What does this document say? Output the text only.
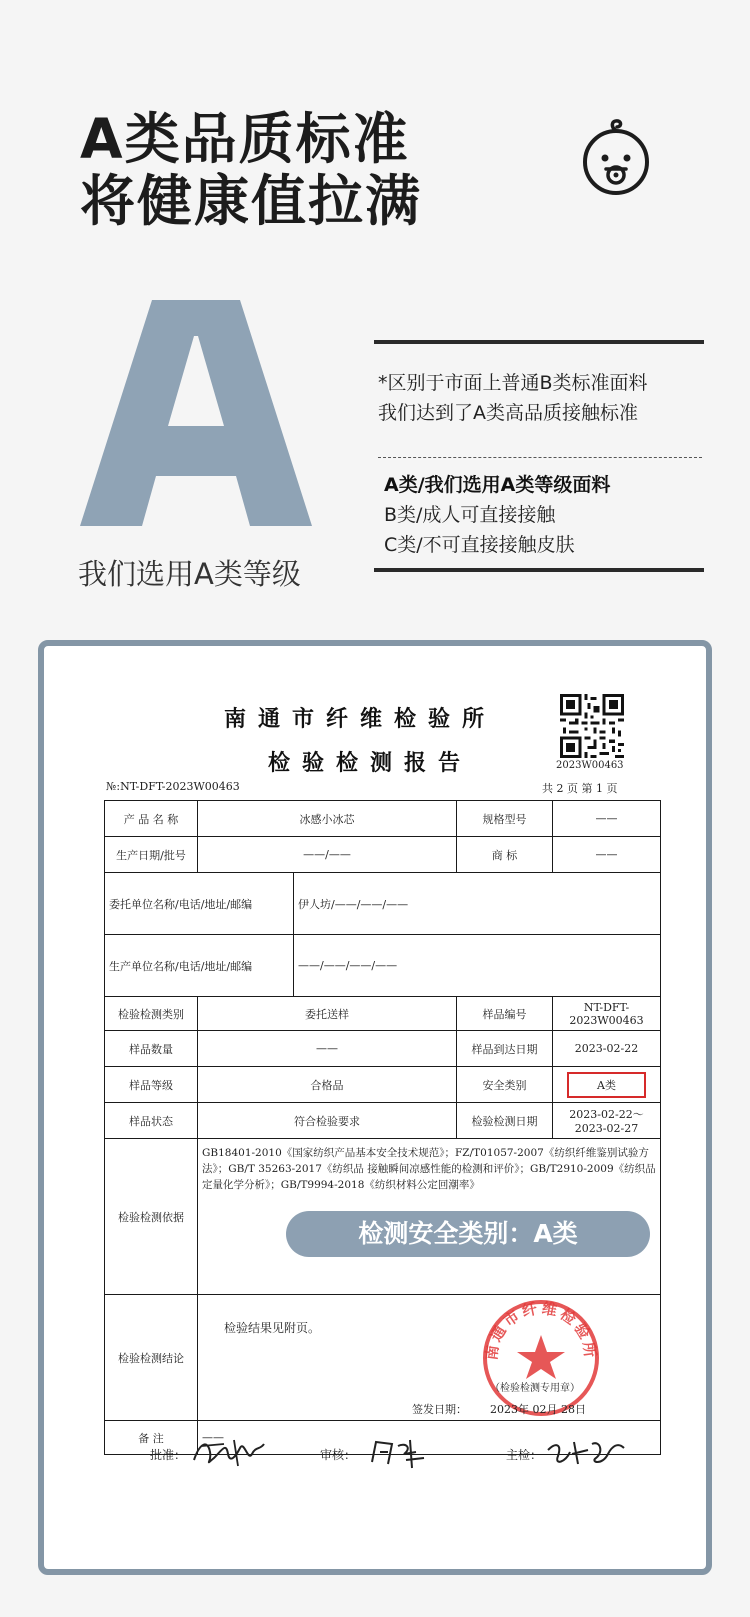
A类品质标准
将健康值拉满
我们选用A类等级
*区别于市面上普通B类标准面料
我们达到了A类高品质接触标准
A类/我们选用A类等级面料
B类/成人可直接接触
C类/不可直接接触皮肤
南通市纤维检验所
检验检测报告	2023W00463
№:NT-DFT-2023W00463	共 2 页 第 1 页
产 品 名 称	冰感小冰芯		规格型号	——
生产日期/批号	——/——		商 标	——
委托单位名称/电话/地址/邮编		伊人坊/——/——/——		
生产单位名称/电话/地址/邮编		——/——/——/——		
检验检测类别	委托送样		样品编号	NT-DFT-2023W00463
样品数量	——		样品到达日期	2023-02-22
样品等级	合格品		安全类别	A类
样品状态	符合检验要求		检验检测日期	2023-02-22～2023-02-27
检验检测依据	GB18401-2010《国家纺织产品基本安全技术规范》；FZ/T01057-2007《纺织纤维鉴别试验方法》；GB/T 35263-2017《纺织品 接触瞬间凉感性能的检测和评价》；GB/T2910-2009《纺织品 定量化学分析》；GB/T9994-2018《纺织材料公定回潮率》
检测安全类别：A类			

检验检测结论	检验结果见附页。
南通市纤维检验所
（检验检测专用章）
签发日期： 2023年 02月 28日			

备 注	——			
批准：	审核：	主检：
